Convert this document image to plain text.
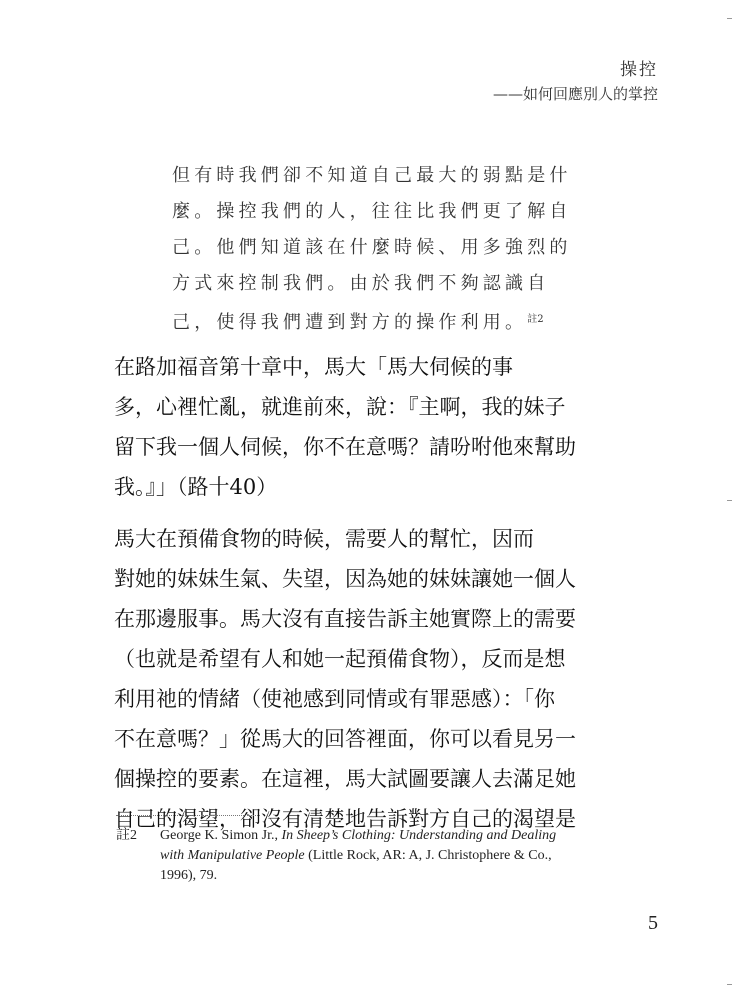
操控
——如何回應別人的掌控

但有時我們卻不知道自己最大的弱點是什

麼。操控我們的人，往往比我們更了解自

己。他們知道該在什麼時候、用多強烈的

方式來控制我們。由於我們不夠認識自

己，使得我們遭到對方的操作利用。$^{註2}$

在路加福音第十章中，馬大「馬大伺候的事
多，心裡忙亂，就進前來，說：『主啊，我的妹子
留下我一個人伺候，你不在意嗎？請吩咐他來幫助
我。』」（路十40）

馬大在預備食物的時候，需要人的幫忙，因而
對她的妹妹生氣、失望，因為她的妹妹讓她一個人
在那邊服事。馬大沒有直接告訴主她實際上的需要
（也就是希望有人和她一起預備食物），反而是想
利用祂的情緒（使祂感到同情或有罪惡感）：「你
不在意嗎？」從馬大的回答裡面，你可以看見另一
個操控的要素。在這裡，馬大試圖要讓人去滿足她
自己的渴望，卻沒有清楚地告訴對方自己的渴望是

註2 George K. Simon Jr., In Sheep’s Clothing: Understanding and Dealing
with Manipulative People (Little Rock, AR: A, J. Christophere & Co.,
1996), 79.
5
